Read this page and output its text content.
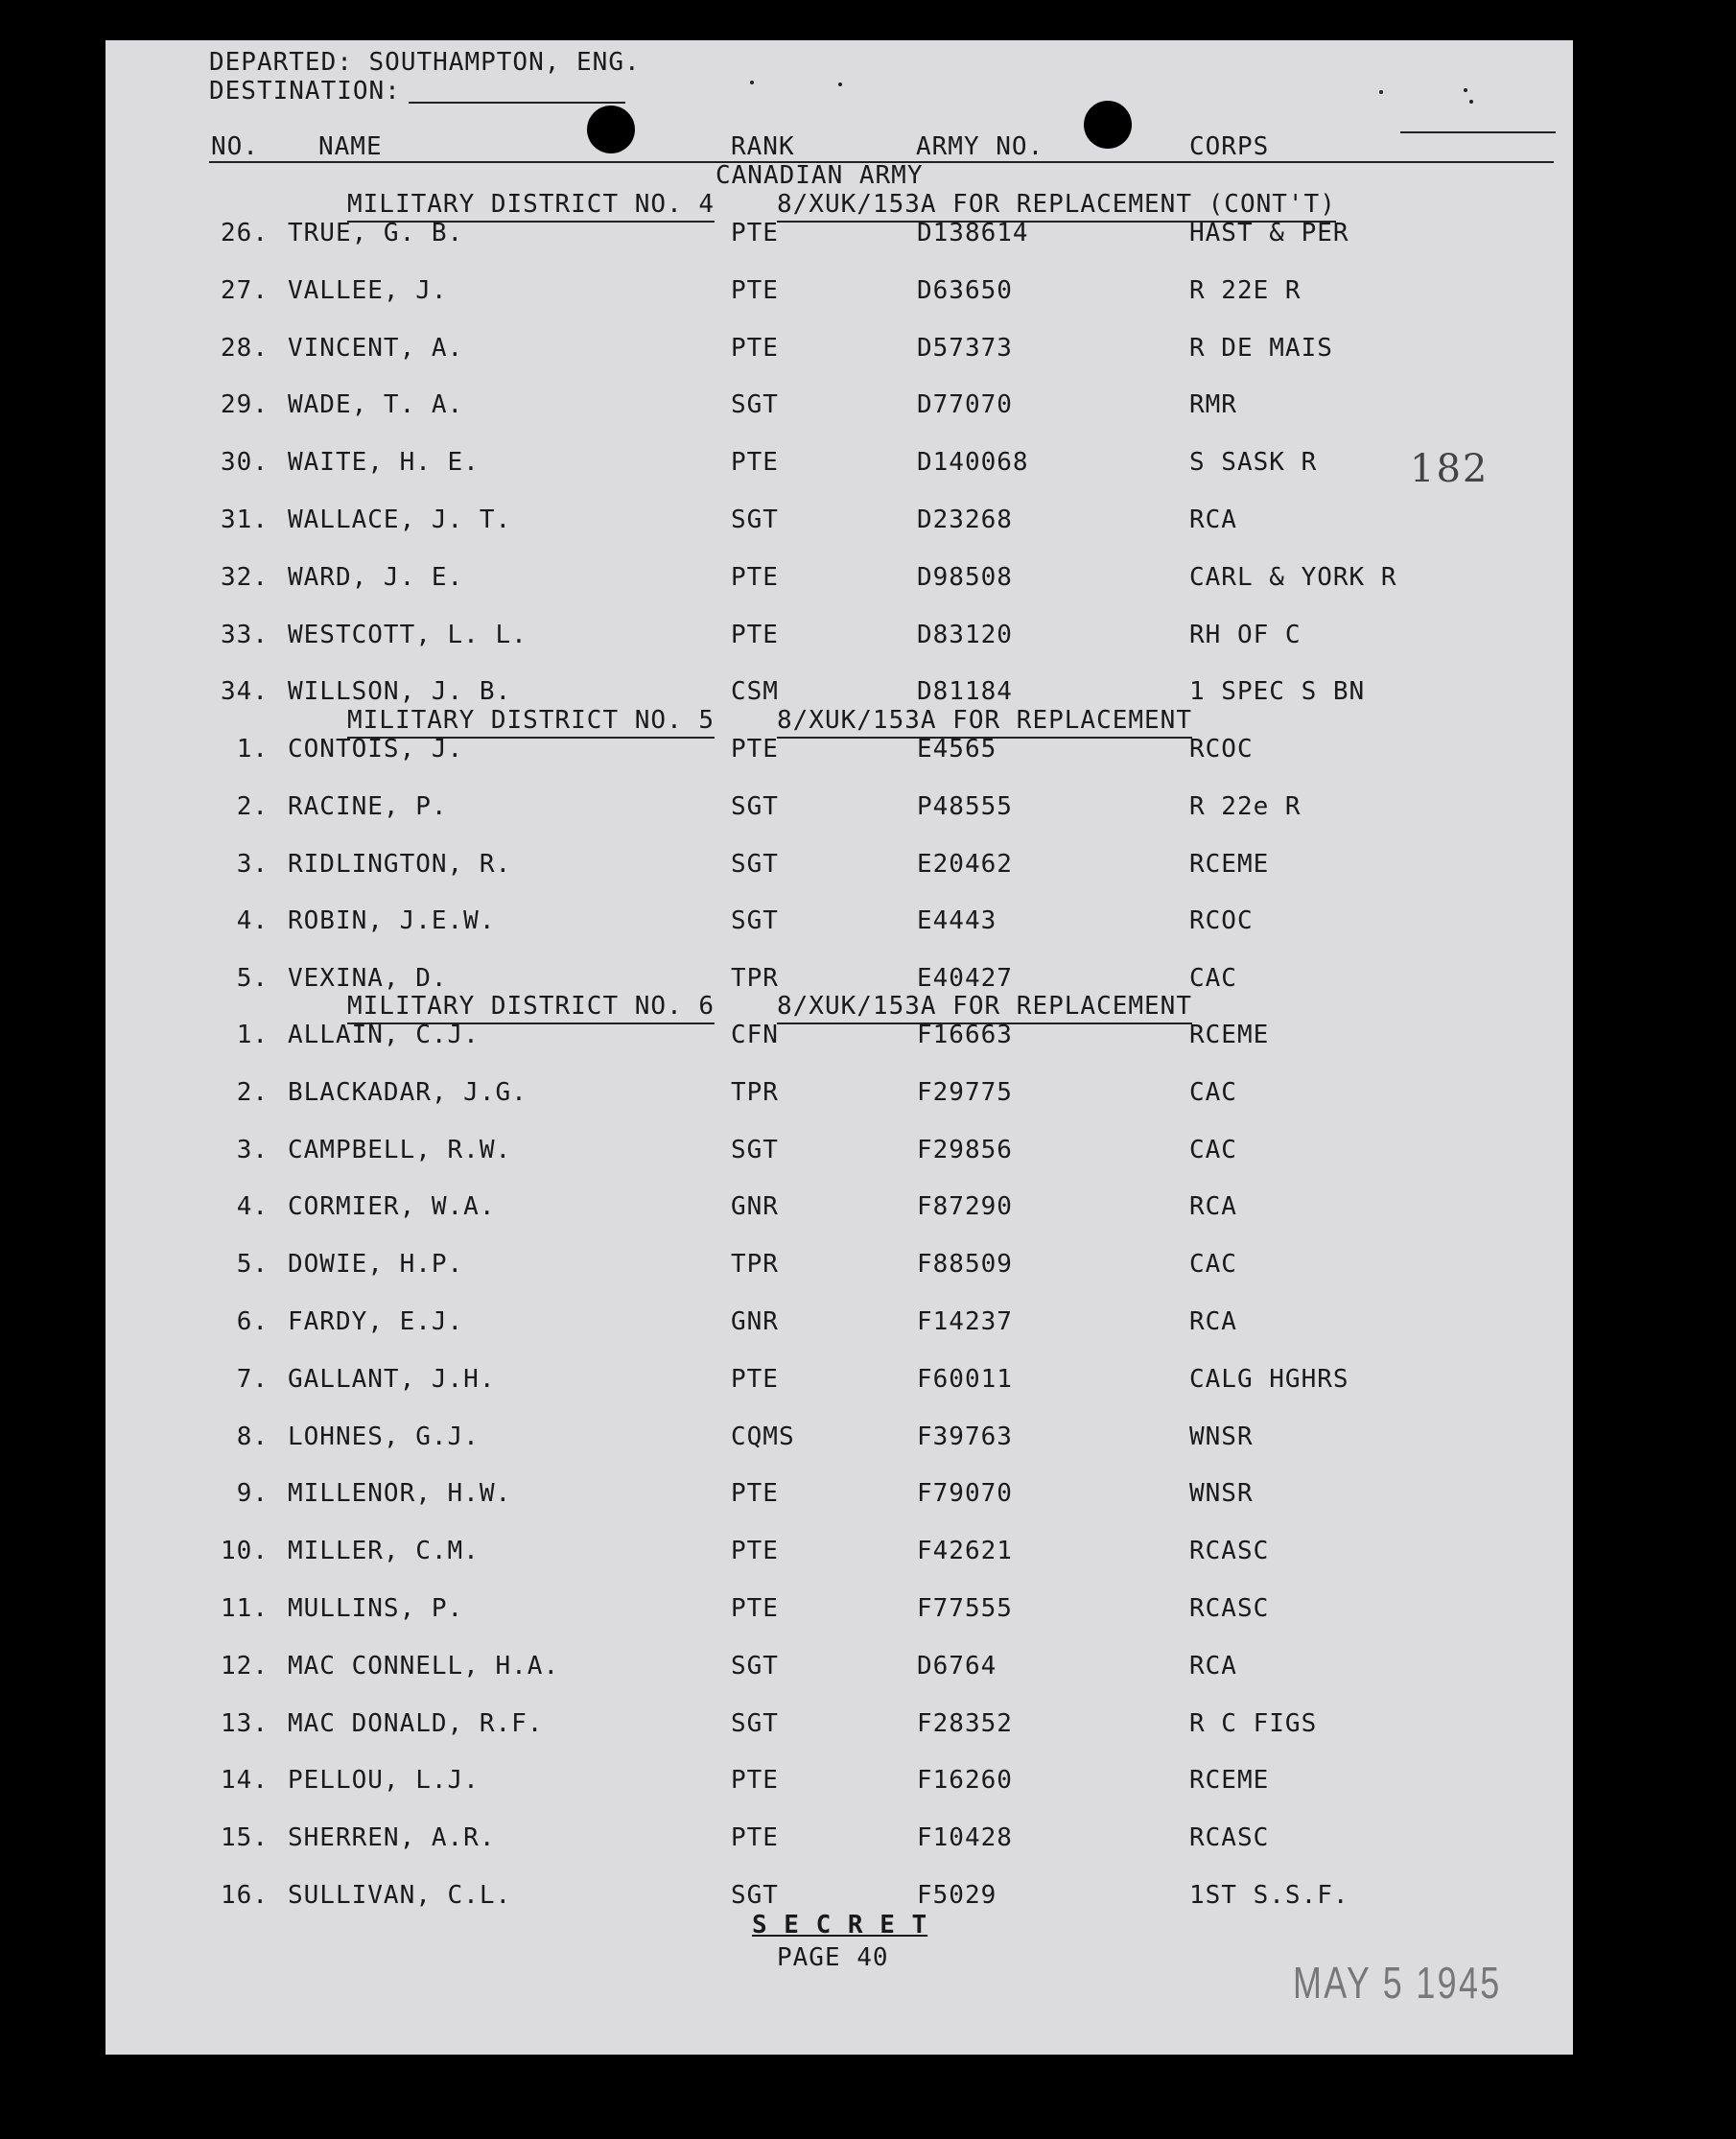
DEPARTED: SOUTHAMPTON, ENG.
DESTINATION:
NO. NAME	RANK	ARMY NO.	CORPS
CANADIAN ARMY
MILITARY DISTRICT NO. 4 8/XUK/153A FOR REPLACEMENT (CONT'T)
26. TRUE, G. B.	PTE	D138614	HAST & PER
27. VALLEE, J.	PTE	D63650	R 22E R
28. VINCENT, A.	PTE	D57373	R DE MAIS
29. WADE, T. A.	SGT	D77070	RMR
30. WAITE, H. E.	PTE	D140068	S SASK R
31. WALLACE, J. T.	SGT	D23268	RCA
32. WARD, J. E.	PTE	D98508	CARL & YORK R
33. WESTCOTT, L. L.	PTE	D83120	RH OF C
34. WILLSON, J. B.	CSM	D81184	1 SPEC S BN
MILITARY DISTRICT NO. 5 8/XUK/153A FOR REPLACEMENT
1. CONTOIS, J.	PTE	E4565	RCOC
2. RACINE, P.	SGT	P48555	R 22e R
3. RIDLINGTON, R.	SGT	E20462	RCEME
4. ROBIN, J.E.W.	SGT	E4443	RCOC
5. VEXINA, D.	TPR	E40427	CAC
MILITARY DISTRICT NO. 6 8/XUK/153A FOR REPLACEMENT
1. ALLAIN, C.J.	CFN	F16663	RCEME
2. BLACKADAR, J.G.	TPR	F29775	CAC
3. CAMPBELL, R.W.	SGT	F29856	CAC
4. CORMIER, W.A.	GNR	F87290	RCA
5. DOWIE, H.P.	TPR	F88509	CAC
6. FARDY, E.J.	GNR	F14237	RCA
7. GALLANT, J.H.	PTE	F60011	CALG HGHRS
8. LOHNES, G.J.	CQMS	F39763	WNSR
9. MILLENOR, H.W.	PTE	F79070	WNSR
10. MILLER, C.M.	PTE	F42621	RCASC
11. MULLINS, P.	PTE	F77555	RCASC
12. MAC CONNELL, H.A.	SGT	D6764	RCA
13. MAC DONALD, R.F.	SGT	F28352	R C FIGS
14. PELLOU, L.J.	PTE	F16260	RCEME
15. SHERREN, A.R.	PTE	F10428	RCASC
16. SULLIVAN, C.L.	SGT	F5029	1ST S.S.F.
S E C R E T
PAGE 40
182
MAY 5 1945
